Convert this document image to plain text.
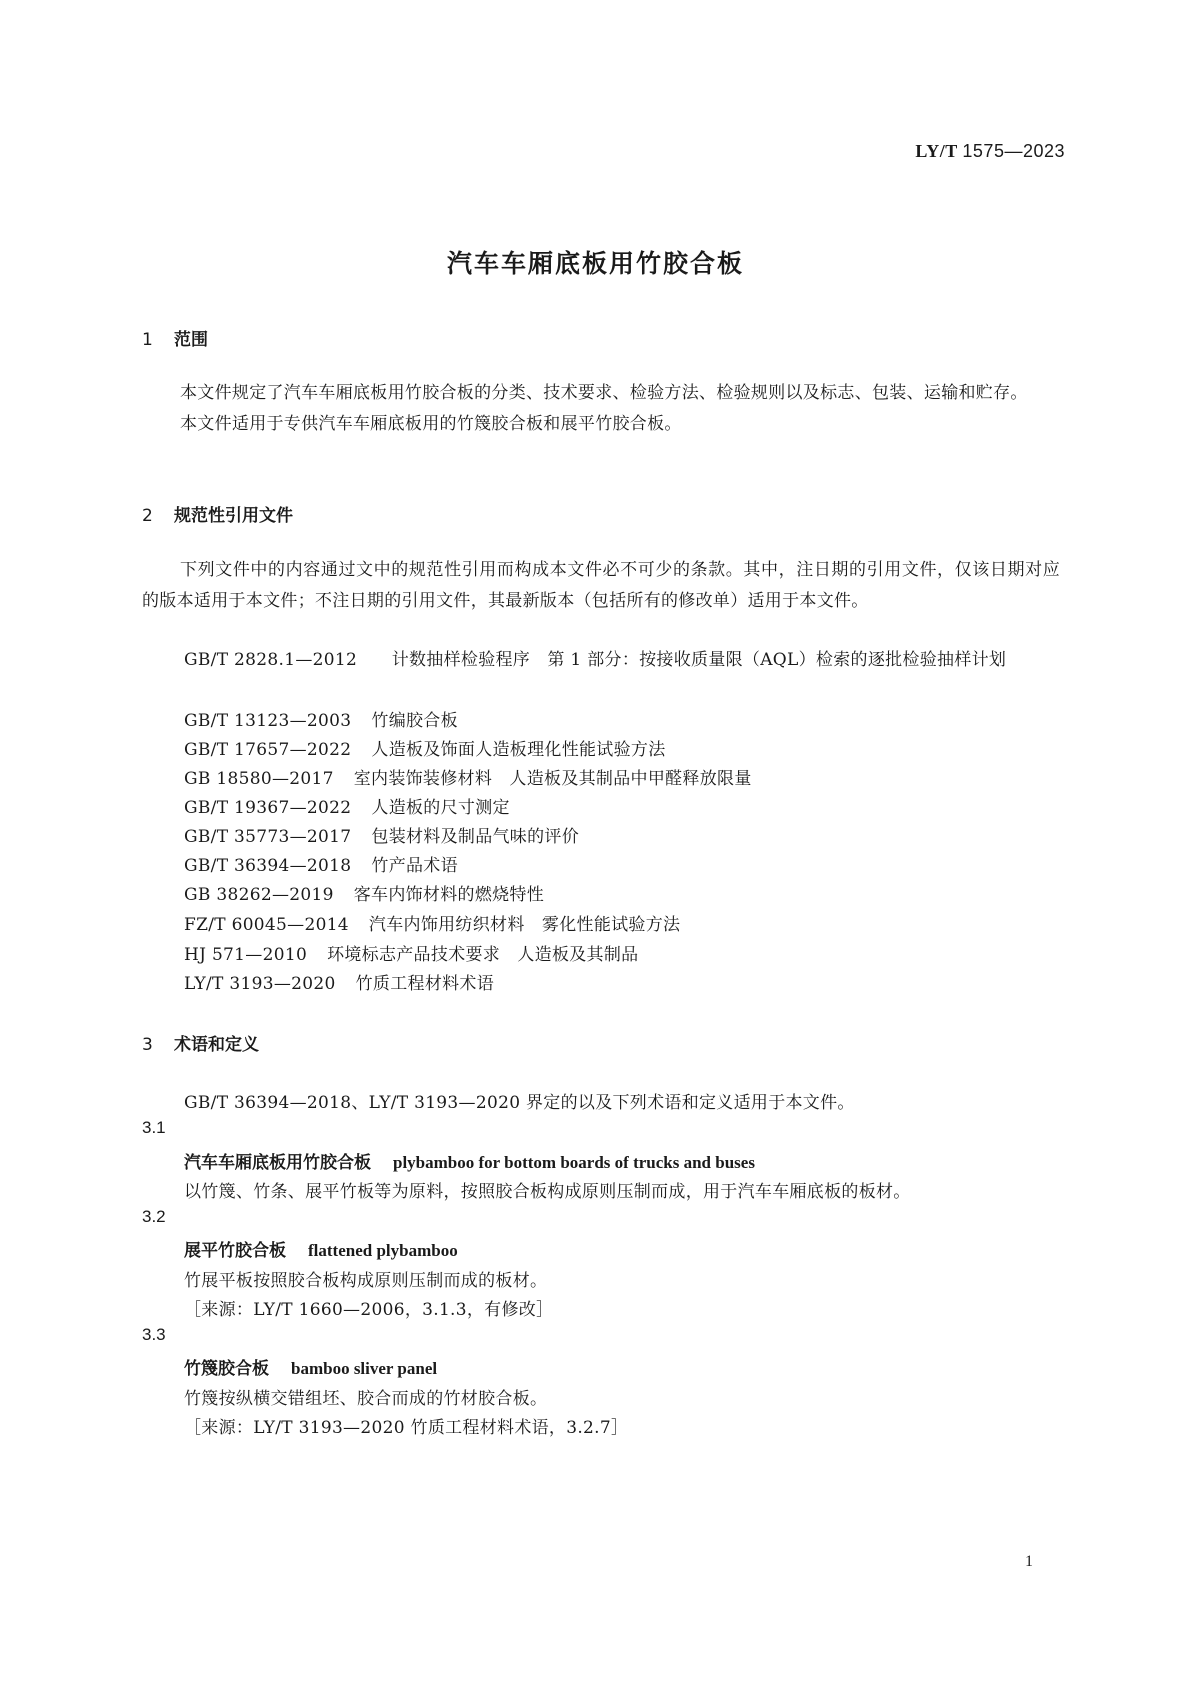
LY/T 1575—2023
汽车车厢底板用竹胶合板
1 范围

本文件规定了汽车车厢底板用竹胶合板的分类、技术要求、检验方法、检验规则以及标志、包装、运输和贮存。

本文件适用于专供汽车车厢底板用的竹篾胶合板和展平竹胶合板。

2 规范性引用文件

下列文件中的内容通过文中的规范性引用而构成本文件必不可少的条款。其中，注日期的引用文件，仅该日期对应的版本适用于本文件；不注日期的引用文件，其最新版本（包括所有的修改单）适用于本文件。

GB/T 2828.1—2012　　 计数抽样检验程序　第 1 部分：按接收质量限（AQL）检索的逐批检验抽样计划

GB/T 13123—2003 竹编胶合板
GB/T 17657—2022 人造板及饰面人造板理化性能试验方法
GB 18580—2017 室内装饰装修材料　人造板及其制品中甲醛释放限量
GB/T 19367—2022 人造板的尺寸测定
GB/T 35773—2017 包装材料及制品气味的评价
GB/T 36394—2018 竹产品术语
GB 38262—2019 客车内饰材料的燃烧特性
FZ/T 60045—2014 汽车内饰用纺织材料　雾化性能试验方法
HJ 571—2010 环境标志产品技术要求　人造板及其制品
LY/T 3193—2020 竹质工程材料术语
3 术语和定义
GB/T 36394—2018、LY/T 3193—2020 界定的以及下列术语和定义适用于本文件。
3.1
汽车车厢底板用竹胶合板 plybamboo for bottom boards of trucks and buses
以竹篾、竹条、展平竹板等为原料，按照胶合板构成原则压制而成，用于汽车车厢底板的板材。
3.2
展平竹胶合板 flattened plybamboo
竹展平板按照胶合板构成原则压制而成的板材。
［来源：LY/T 1660—2006，3.1.3，有修改］
3.3
竹篾胶合板 bamboo sliver panel
竹篾按纵横交错组坯、胶合而成的竹材胶合板。
［来源：LY/T 3193—2020 竹质工程材料术语，3.2.7］
1
